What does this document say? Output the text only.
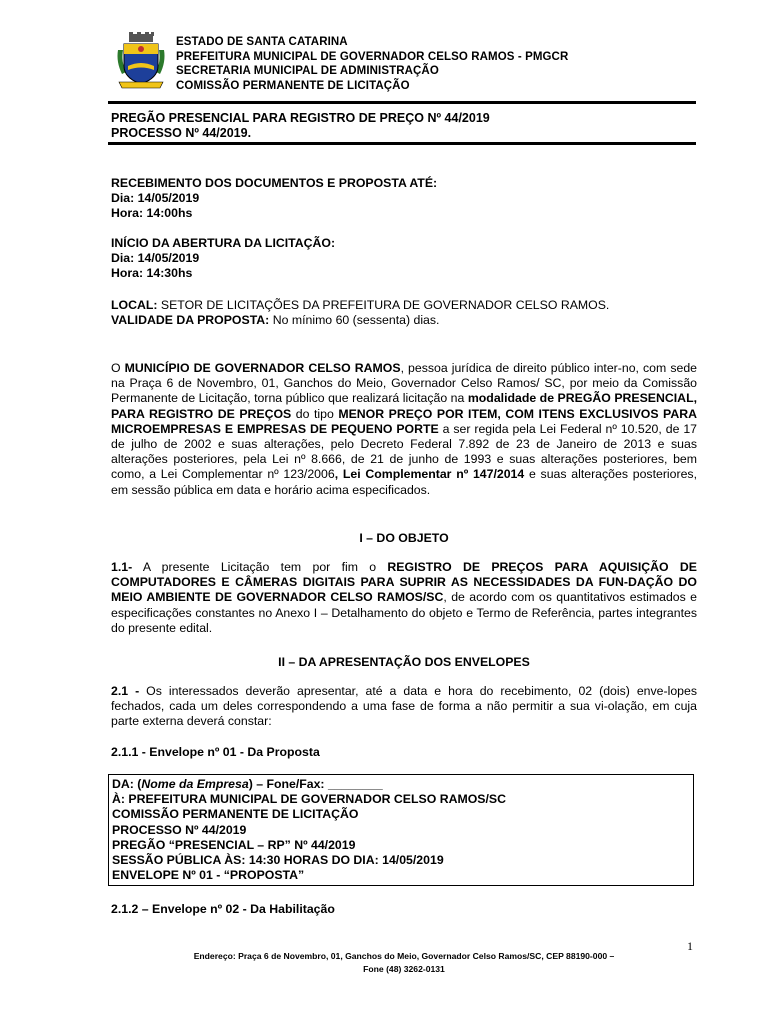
ESTADO DE SANTA CATARINA
PREFEITURA MUNICIPAL DE GOVERNADOR CELSO RAMOS - PMGCR
SECRETARIA MUNICIPAL DE ADMINISTRAÇÃO
COMISSÃO PERMANENTE DE LICITAÇÃO
PREGÃO PRESENCIAL PARA REGISTRO DE PREÇO Nº 44/2019
PROCESSO Nº 44/2019.
RECEBIMENTO DOS DOCUMENTOS E PROPOSTA ATÉ:
Dia: 14/05/2019
Hora: 14:00hs
INÍCIO DA ABERTURA DA LICITAÇÃO:
Dia: 14/05/2019
Hora: 14:30hs
LOCAL: SETOR DE LICITAÇÕES DA PREFEITURA DE GOVERNADOR CELSO RAMOS.
VALIDADE DA PROPOSTA: No mínimo 60 (sessenta) dias.
O MUNICÍPIO DE GOVERNADOR CELSO RAMOS, pessoa jurídica de direito público inter-no, com sede na Praça 6 de Novembro, 01, Ganchos do Meio, Governador Celso Ramos/ SC, por meio da Comissão Permanente de Licitação, torna público que realizará licitação na modalidade de PREGÃO PRESENCIAL, PARA REGISTRO DE PREÇOS do tipo MENOR PREÇO POR ITEM, COM ITENS EXCLUSIVOS PARA MICROEMPRESAS E EMPRESAS DE PEQUENO PORTE a ser regida pela Lei Federal nº 10.520, de 17 de julho de 2002 e suas alterações, pelo Decreto Federal 7.892 de 23 de Janeiro de 2013 e suas alterações posteriores, pela Lei nº 8.666, de 21 de junho de 1993 e suas alterações posteriores, bem como, a Lei Complementar nº 123/2006, Lei Complementar nº 147/2014 e suas alterações posteriores, em sessão pública em data e horário acima especificados.
I – DO OBJETO
1.1- A presente Licitação tem por fim o REGISTRO DE PREÇOS PARA AQUISIÇÃO DE COMPUTADORES E CÂMERAS DIGITAIS PARA SUPRIR AS NECESSIDADES DA FUN-DAÇÃO DO MEIO AMBIENTE DE GOVERNADOR CELSO RAMOS/SC, de acordo com os quantitativos estimados e especificações constantes no Anexo I – Detalhamento do objeto e Termo de Referência, partes integrantes do presente edital.
II – DA APRESENTAÇÃO DOS ENVELOPES
2.1 - Os interessados deverão apresentar, até a data e hora do recebimento, 02 (dois) enve-lopes fechados, cada um deles correspondendo a uma fase de forma a não permitir a sua vi-olação, em cuja parte externa deverá constar:
2.1.1 - Envelope nº 01 - Da Proposta
DA: (Nome da Empresa) – Fone/Fax: ________
À: PREFEITURA MUNICIPAL DE GOVERNADOR CELSO RAMOS/SC
COMISSÃO PERMANENTE DE LICITAÇÃO
PROCESSO Nº 44/2019
PREGÃO “PRESENCIAL – RP” Nº 44/2019
SESSÃO PÚBLICA ÀS: 14:30 HORAS DO DIA: 14/05/2019
ENVELOPE Nº 01 - “PROPOSTA”
2.1.2 – Envelope nº 02 - Da Habilitação
1
Endereço: Praça 6 de Novembro, 01, Ganchos do Meio, Governador Celso Ramos/SC, CEP 88190-000 –
Fone (48) 3262-0131
